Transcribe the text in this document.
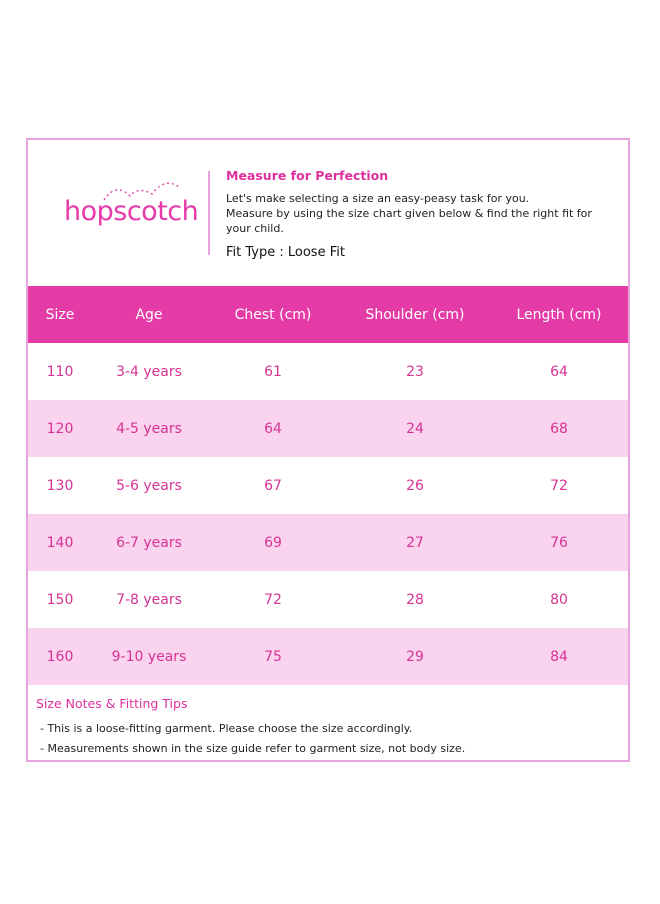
hopscotch
Measure for Perfection
Let's make selecting a size an easy-peasy task for you.
Measure by using the size chart given below & find the right fit for your child.
Fit Type : Loose Fit
Size	Age	Chest (cm)	Shoulder (cm)	Length (cm)
110	3-4 years	61	23	64
120	4-5 years	64	24	68
130	5-6 years	67	26	72
140	6-7 years	69	27	76
150	7-8 years	72	28	80
160	9-10 years	75	29	84
Size Notes & Fitting Tips
- This is a loose-fitting garment. Please choose the size accordingly.
- Measurements shown in the size guide refer to garment size, not body size.
